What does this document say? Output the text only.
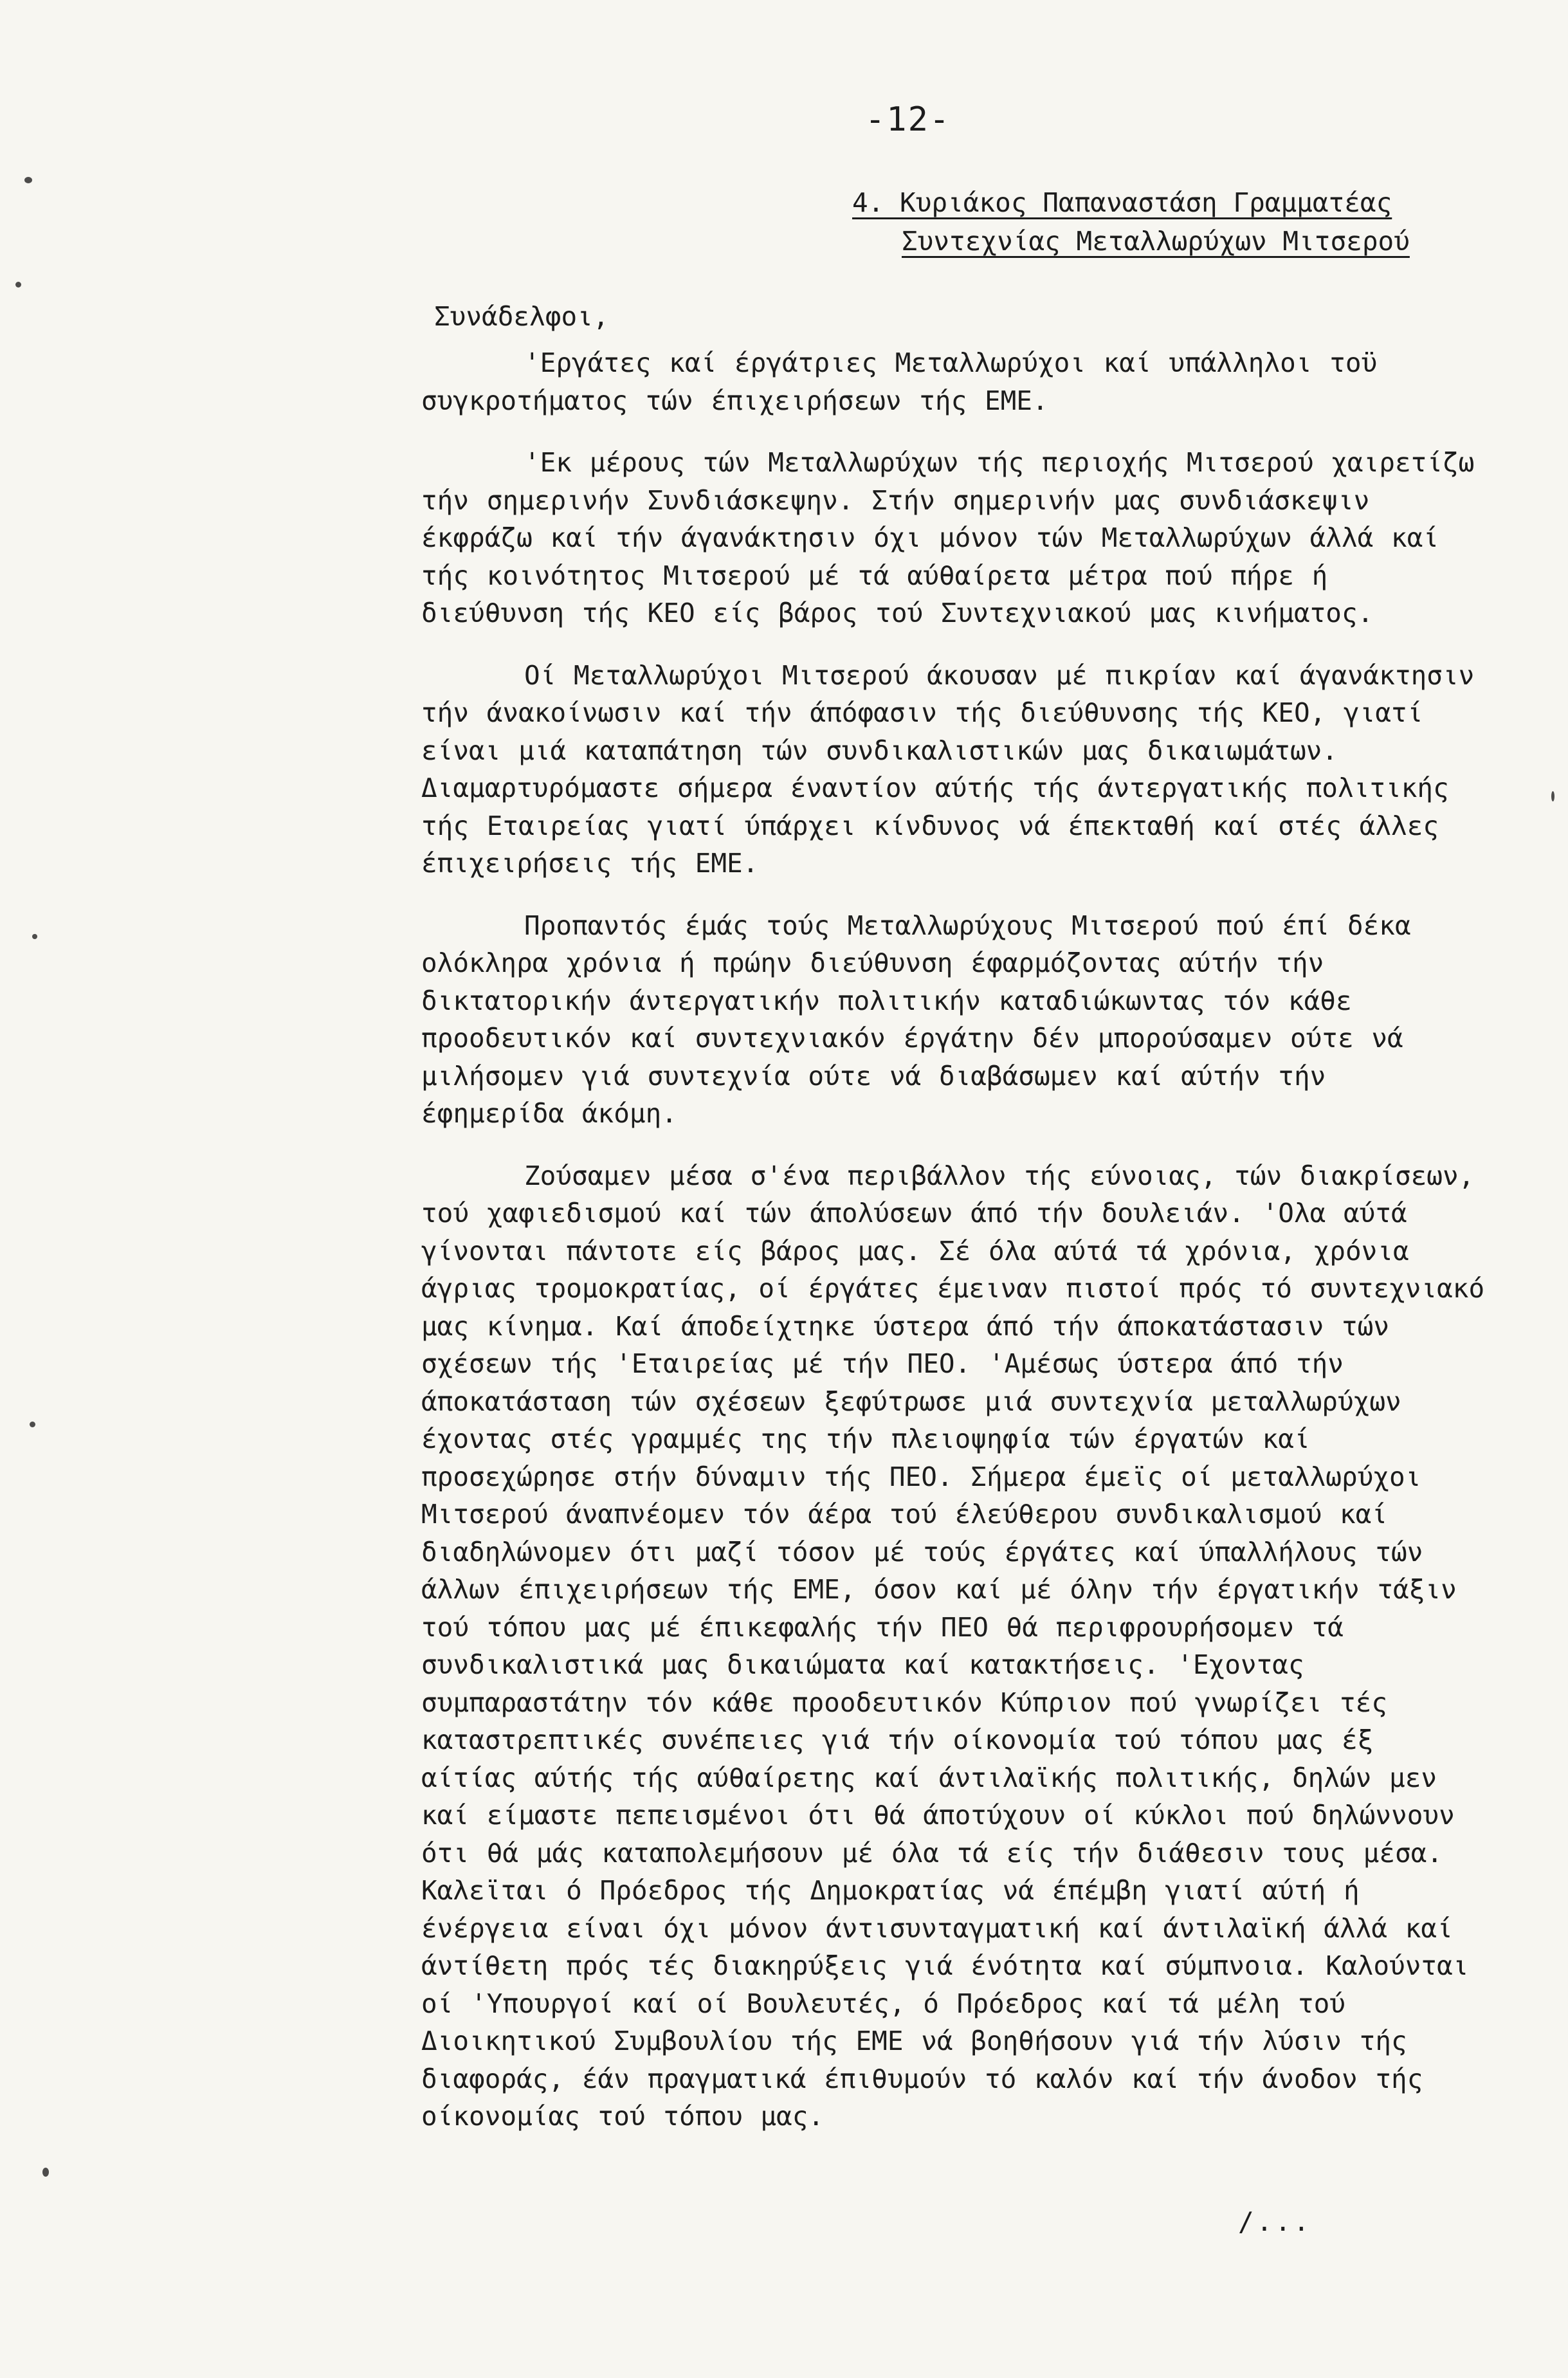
-12-
4. Κυριάκος Παπαναστάση Γραμματέας
Συντεχνίας Μεταλλωρύχων Μιτσερού
Συνάδελφοι,

'Εργάτες καί έργάτριες Μεταλλωρύχοι καί υπάλληλοι τοϋ συγκροτήματος τών έπιχειρήσεων τής ΕΜΕ.

'Εκ μέρους τών Μεταλλωρύχων τής περιοχής Μιτσερού χαιρετίζω τήν σημερινήν Συνδιάσκεψην. Στήν σημερινήν μας συνδιάσκεψιν έκφράζω καί τήν άγανάκτησιν όχι μόνον τών Μεταλλωρύχων άλλά καί τής κοινότητος Μιτσερού μέ τά αύθαίρετα μέτρα πού πήρε ή διεύθυνση τής ΚΕΟ είς βάρος τού Συντεχνιακού μας κινήματος.

Οί Μεταλλωρύχοι Μιτσερού άκουσαν μέ πικρίαν καί άγανάκτησιν τήν άνακοίνωσιν καί τήν άπόφασιν τής διεύθυνσης τής ΚΕΟ, γιατί είναι μιά καταπάτηση τών συνδικαλιστικών μας δικαιωμάτων. Διαμαρτυρόμαστε σήμερα έναντίον αύτής τής άντεργατικής πολιτικής τής Εταιρείας γιατί ύπάρχει κίνδυνος νά έπεκταθή καί στές άλλες έπιχειρήσεις τής ΕΜΕ.

Προπαντός έμάς τούς Μεταλλωρύχους Μιτσερού πού έπί δέκα ολόκληρα χρόνια ή πρώην διεύθυνση έφαρμόζοντας αύτήν τήν δικτατορικήν άντεργατικήν πολιτικήν καταδιώκωντας τόν κάθε προοδευτικόν καί συντεχνιακόν έργάτην δέν μπορούσαμεν ούτε νά μιλήσομεν γιά συντεχνία ούτε νά διαβάσωμεν καί αύτήν τήν έφημερίδα άκόμη.

Ζούσαμεν μέσα σ'ένα περιβάλλον τής εύνοιας, τών διακρίσεων, τού χαφιεδισμού καί τών άπολύσεων άπό τήν δουλειάν. 'Ολα αύτά γίνονται πάντοτε είς βάρος μας. Σέ όλα αύτά τά χρόνια, χρόνια άγριας τρομοκρατίας, οί έργάτες έμειναν πιστοί πρός τό συντεχνιακό μας κίνημα. Καί άποδείχτηκε ύστερα άπό τήν άποκατάστασιν τών σχέσεων τής 'Εταιρείας μέ τήν ΠΕΟ. 'Αμέσως ύστερα άπό τήν άποκατάσταση τών σχέσεων ξεφύτρωσε μιά συντεχνία μεταλλωρύχων έχοντας στές γραμμές της τήν πλειοψηφία τών έργατών καί προσεχώρησε στήν δύναμιν τής ΠΕΟ. Σήμερα έμεϊς οί μεταλλωρύχοι Μιτσερού άναπνέομεν τόν άέρα τού έλεύθερου συνδικαλισμού καί διαδηλώνομεν ότι μαζί τόσον μέ τούς έργάτες καί ύπαλλήλους τών άλλων έπιχειρήσεων τής ΕΜΕ, όσον καί μέ όλην τήν έργατικήν τάξιν τού τόπου μας μέ έπικεφαλής τήν ΠΕΟ θά περιφρουρήσομεν τά συνδικαλιστικά μας δικαιώματα καί κατακτήσεις. 'Εχοντας συμπαραστάτην τόν κάθε προοδευτικόν Κύπριον πού γνωρίζει τές καταστρεπτικές συνέπειες γιά τήν οίκονομία τού τόπου μας έξ αίτίας αύτής τής αύθαίρετης καί άντιλαϊκής πολιτικής, δηλών μεν καί είμαστε πεπεισμένοι ότι θά άποτύχουν οί κύκλοι πού δηλώννουν ότι θά μάς καταπολεμήσουν μέ όλα τά είς τήν διάθεσιν τους μέσα. Καλεϊται ό Πρόεδρος τής Δημοκρατίας νά έπέμβη γιατί αύτή ή ένέργεια είναι όχι μόνον άντισυνταγματική καί άντιλαϊκή άλλά καί άντίθετη πρός τές διακηρύξεις γιά ένότητα καί σύμπνοια. Καλούνται οί 'Υπουργοί καί οί Βουλευτές, ό Πρόεδρος καί τά μέλη τού Διοικητικού Συμβουλίου τής ΕΜΕ νά βοηθήσουν γιά τήν λύσιν τής διαφοράς, έάν πραγματικά έπιθυμούν τό καλόν καί τήν άνοδον τής οίκονομίας τού τόπου μας.

/...
